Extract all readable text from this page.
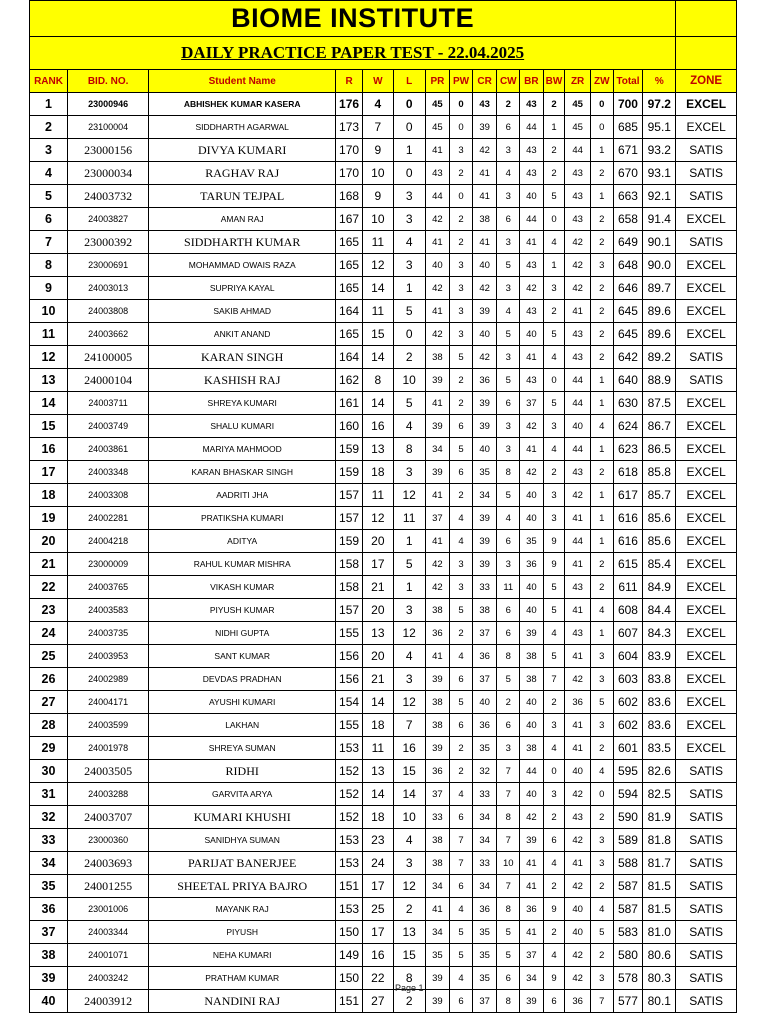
BIOME INSTITUTE																
DAILY PRACTICE PAPER TEST - 22.04.2025																
RANK	BID. NO.	Student Name	R	W	L	PR	PW	CR	CW	BR	BW	ZR	ZW	Total	%	ZONE
1	23000946	ABHISHEK KUMAR KASERA	176	4	0	45	0	43	2	43	2	45	0	700	97.2	EXCEL
2	23100004	SIDDHARTH AGARWAL	173	7	0	45	0	39	6	44	1	45	0	685	95.1	EXCEL
3	23000156	DIVYA KUMARI	170	9	1	41	3	42	3	43	2	44	1	671	93.2	SATIS
4	23000034	RAGHAV RAJ	170	10	0	43	2	41	4	43	2	43	2	670	93.1	SATIS
5	24003732	TARUN TEJPAL	168	9	3	44	0	41	3	40	5	43	1	663	92.1	SATIS
6	24003827	AMAN RAJ	167	10	3	42	2	38	6	44	0	43	2	658	91.4	EXCEL
7	23000392	SIDDHARTH KUMAR	165	11	4	41	2	41	3	41	4	42	2	649	90.1	SATIS
8	23000691	MOHAMMAD OWAIS RAZA	165	12	3	40	3	40	5	43	1	42	3	648	90.0	EXCEL
9	24003013	SUPRIYA KAYAL	165	14	1	42	3	42	3	42	3	42	2	646	89.7	EXCEL
10	24003808	SAKIB AHMAD	164	11	5	41	3	39	4	43	2	41	2	645	89.6	EXCEL
11	24003662	ANKIT ANAND	165	15	0	42	3	40	5	40	5	43	2	645	89.6	EXCEL
12	24100005	KARAN SINGH	164	14	2	38	5	42	3	41	4	43	2	642	89.2	SATIS
13	24000104	KASHISH RAJ	162	8	10	39	2	36	5	43	0	44	1	640	88.9	SATIS
14	24003711	SHREYA KUMARI	161	14	5	41	2	39	6	37	5	44	1	630	87.5	EXCEL
15	24003749	SHALU KUMARI	160	16	4	39	6	39	3	42	3	40	4	624	86.7	EXCEL
16	24003861	MARIYA MAHMOOD	159	13	8	34	5	40	3	41	4	44	1	623	86.5	EXCEL
17	24003348	KARAN BHASKAR SINGH	159	18	3	39	6	35	8	42	2	43	2	618	85.8	EXCEL
18	24003308	AADRITI JHA	157	11	12	41	2	34	5	40	3	42	1	617	85.7	EXCEL
19	24002281	PRATIKSHA KUMARI	157	12	11	37	4	39	4	40	3	41	1	616	85.6	EXCEL
20	24004218	ADITYA	159	20	1	41	4	39	6	35	9	44	1	616	85.6	EXCEL
21	23000009	RAHUL KUMAR MISHRA	158	17	5	42	3	39	3	36	9	41	2	615	85.4	EXCEL
22	24003765	VIKASH KUMAR	158	21	1	42	3	33	11	40	5	43	2	611	84.9	EXCEL
23	24003583	PIYUSH KUMAR	157	20	3	38	5	38	6	40	5	41	4	608	84.4	EXCEL
24	24003735	NIDHI GUPTA	155	13	12	36	2	37	6	39	4	43	1	607	84.3	EXCEL
25	24003953	SANT KUMAR	156	20	4	41	4	36	8	38	5	41	3	604	83.9	EXCEL
26	24002989	DEVDAS PRADHAN	156	21	3	39	6	37	5	38	7	42	3	603	83.8	EXCEL
27	24004171	AYUSHI KUMARI	154	14	12	38	5	40	2	40	2	36	5	602	83.6	EXCEL
28	24003599	LAKHAN	155	18	7	38	6	36	6	40	3	41	3	602	83.6	EXCEL
29	24001978	SHREYA SUMAN	153	11	16	39	2	35	3	38	4	41	2	601	83.5	EXCEL
30	24003505	RIDHI	152	13	15	36	2	32	7	44	0	40	4	595	82.6	SATIS
31	24003288	GARVITA ARYA	152	14	14	37	4	33	7	40	3	42	0	594	82.5	SATIS
32	24003707	KUMARI KHUSHI	152	18	10	33	6	34	8	42	2	43	2	590	81.9	SATIS
33	23000360	SANIDHYA SUMAN	153	23	4	38	7	34	7	39	6	42	3	589	81.8	SATIS
34	24003693	PARIJAT BANERJEE	153	24	3	38	7	33	10	41	4	41	3	588	81.7	SATIS
35	24001255	SHEETAL PRIYA BAJRO	151	17	12	34	6	34	7	41	2	42	2	587	81.5	SATIS
36	23001006	MAYANK RAJ	153	25	2	41	4	36	8	36	9	40	4	587	81.5	SATIS
37	24003344	PIYUSH	150	17	13	34	5	35	5	41	2	40	5	583	81.0	SATIS
38	24001071	NEHA KUMARI	149	16	15	35	5	35	5	37	4	42	2	580	80.6	SATIS
39	24003242	PRATHAM KUMAR	150	22	8	39	4	35	6	34	9	42	3	578	80.3	SATIS
40	24003912	NANDINI RAJ	151	27	2	39	6	37	8	39	6	36	7	577	80.1	SATIS
Page 1
